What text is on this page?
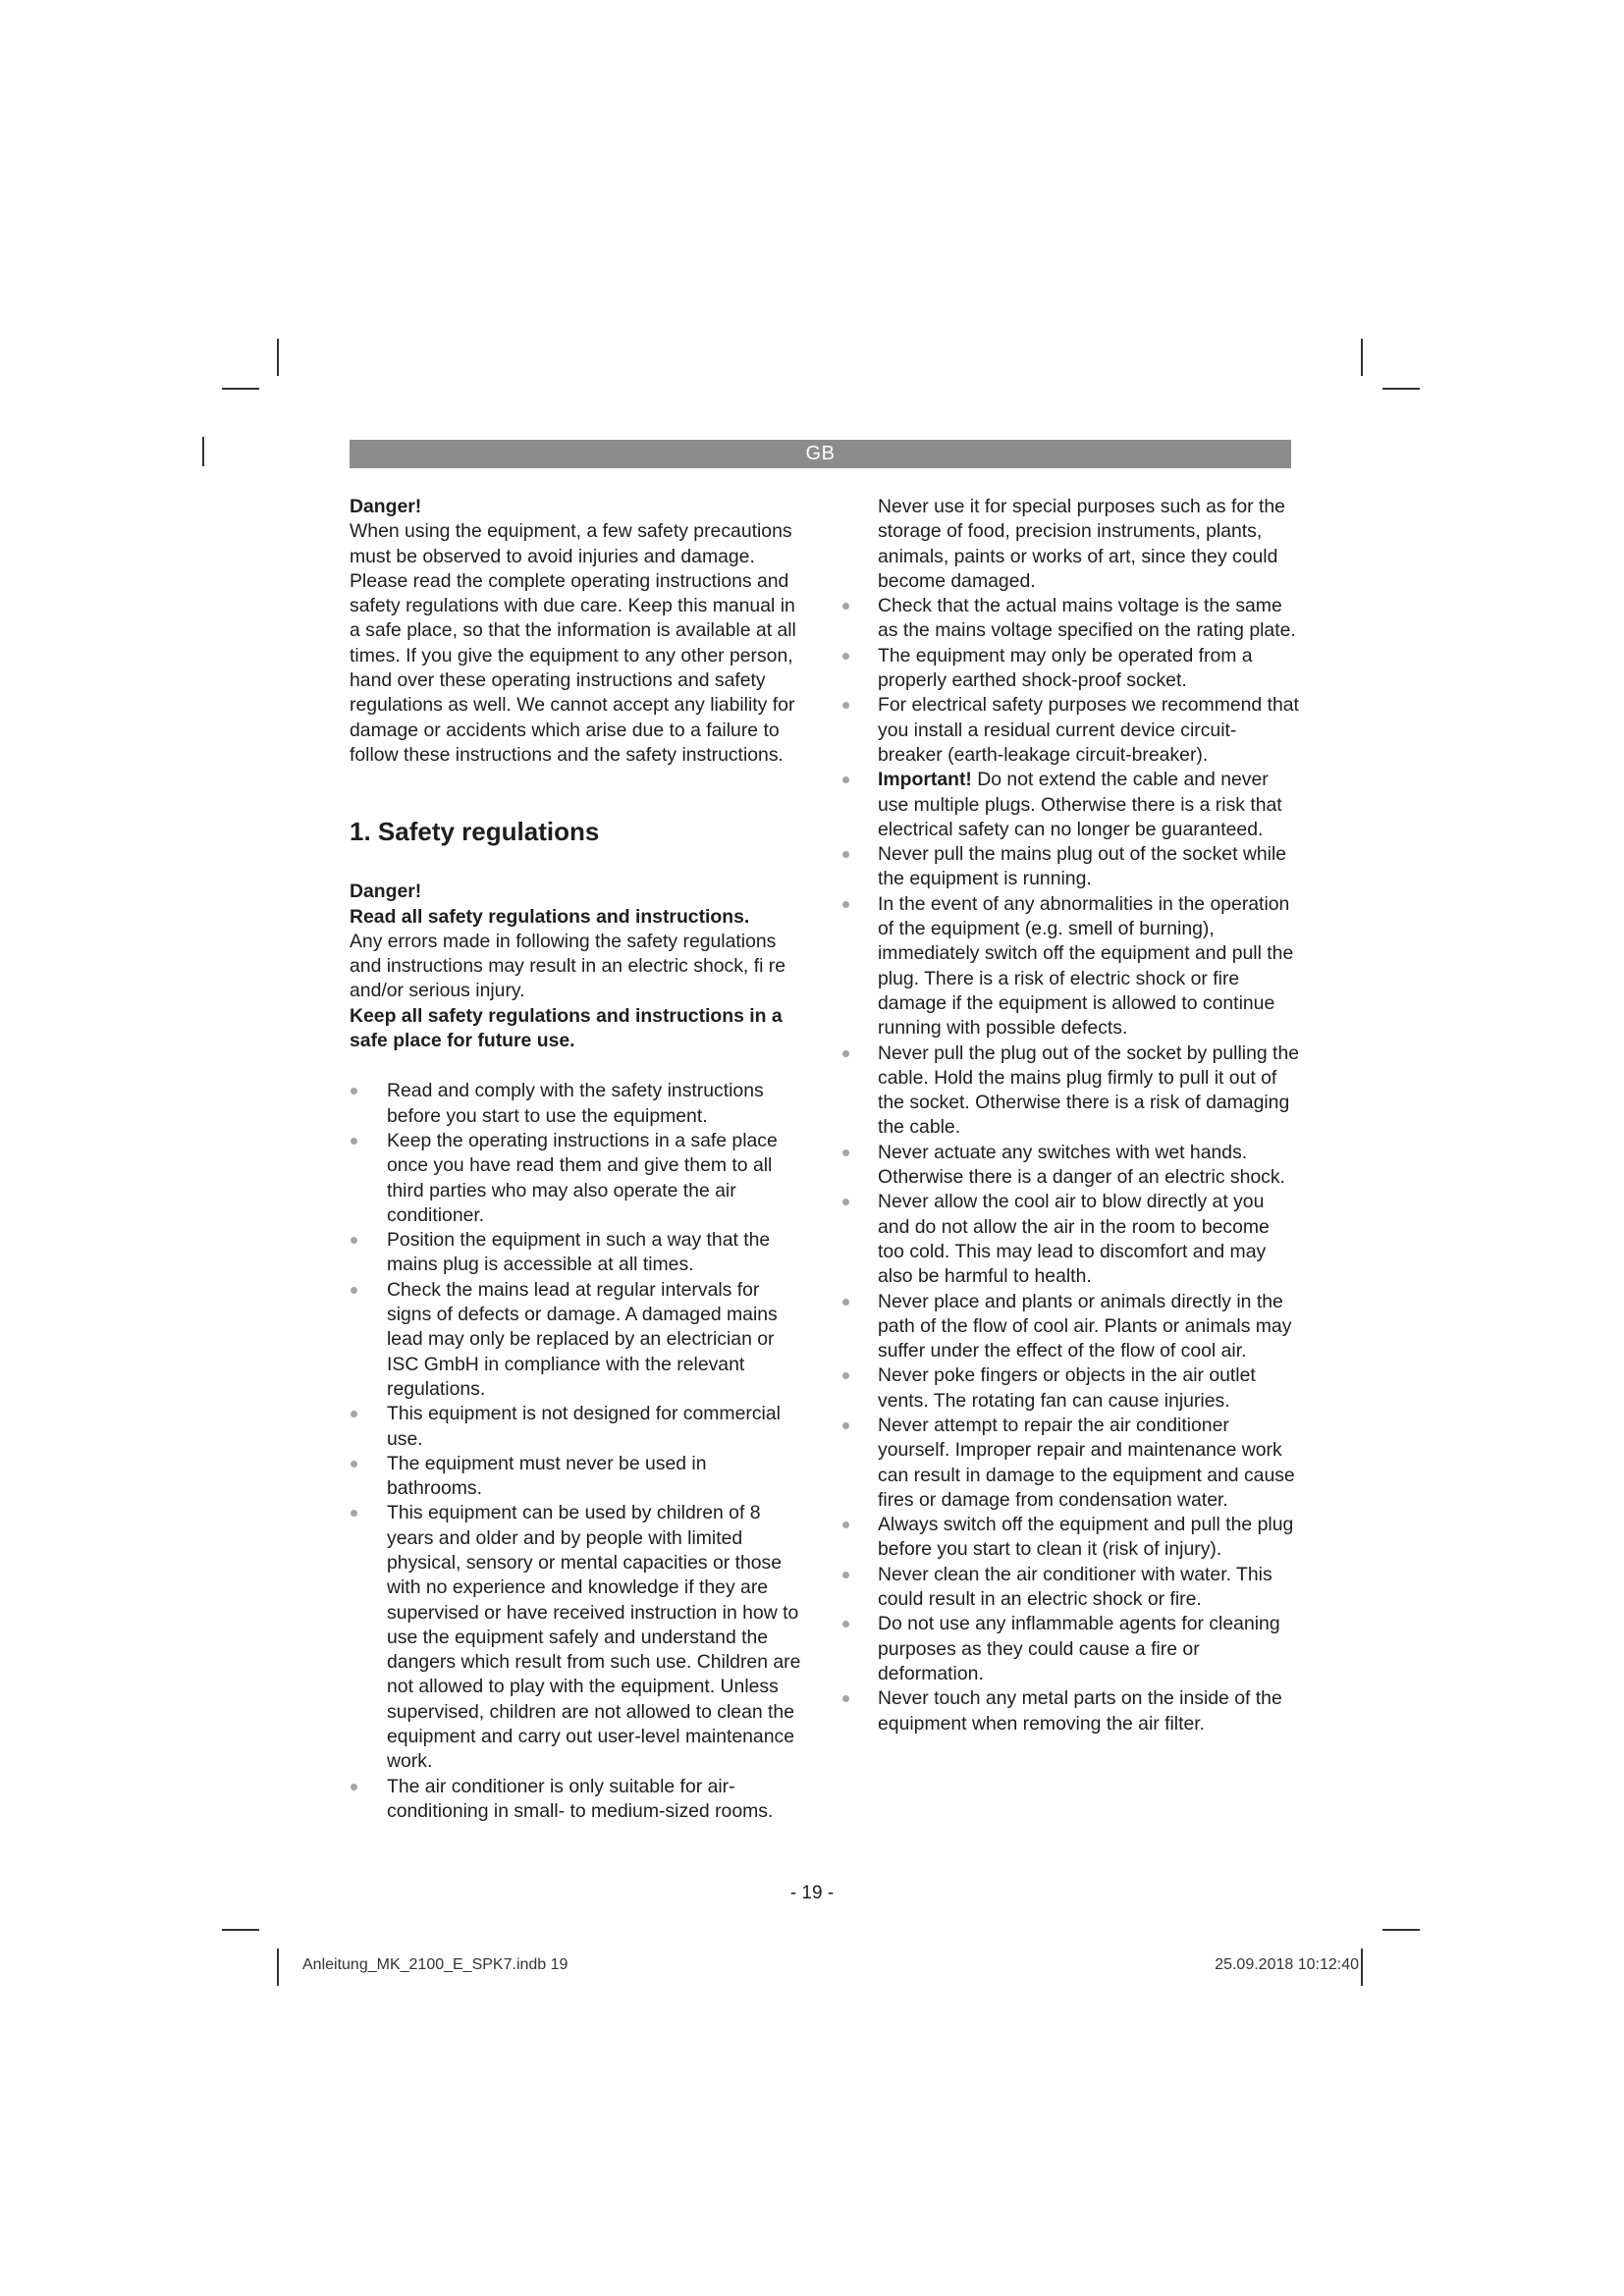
GB

Danger!

When using the equipment, a few safety precautions must be observed to avoid injuries and damage. Please read the complete operating instructions and safety regulations with due care. Keep this manual in a safe place, so that the information is available at all times. If you give the equipment to any other person, hand over these operating instructions and safety regulations as well. We cannot accept any liability for damage or accidents which arise due to a failure to follow these instructions and the safety instructions.

1. Safety regulations

Danger!

Read all safety regulations and instructions.

Any errors made in following the safety regulations and instructions may result in an electric shock, fi re and/or serious injury.

Keep all safety regulations and instructions in a safe place for future use.

Read and comply with the safety instructions before you start to use the equipment.
Keep the operating instructions in a safe place once you have read them and give them to all third parties who may also operate the air conditioner.
Position the equipment in such a way that the mains plug is accessible at all times.
Check the mains lead at regular intervals for signs of defects or damage. A damaged mains lead may only be replaced by an electrician or ISC GmbH in compliance with the relevant regulations.
This equipment is not designed for commercial use.
The equipment must never be used in bathrooms.
This equipment can be used by children of 8 years and older and by people with limited physical, sensory or mental capacities or those with no experience and knowledge if they are supervised or have received instruction in how to use the equipment safely and understand the dangers which result from such use. Children are not allowed to play with the equipment. Unless supervised, children are not allowed to clean the equipment and carry out user-level maintenance work.
The air conditioner is only suitable for air-conditioning in small- to medium-sized rooms.

Never use it for special purposes such as for the storage of food, precision instruments, plants, animals, paints or works of art, since they could become damaged.

Check that the actual mains voltage is the same as the mains voltage specified on the rating plate.
The equipment may only be operated from a properly earthed shock-proof socket.
For electrical safety purposes we recommend that you install a residual current device circuit-breaker (earth-leakage circuit-breaker).
Important! Do not extend the cable and never use multiple plugs. Otherwise there is a risk that electrical safety can no longer be guaranteed.
Never pull the mains plug out of the socket while the equipment is running.
In the event of any abnormalities in the operation of the equipment (e.g. smell of burning), immediately switch off the equipment and pull the plug. There is a risk of electric shock or fire damage if the equipment is allowed to continue running with possible defects.
Never pull the plug out of the socket by pulling the cable. Hold the mains plug firmly to pull it out of the socket. Otherwise there is a risk of damaging the cable.
Never actuate any switches with wet hands. Otherwise there is a danger of an electric shock.
Never allow the cool air to blow directly at you and do not allow the air in the room to become too cold. This may lead to discomfort and may also be harmful to health.
Never place and plants or animals directly in the path of the flow of cool air. Plants or animals may suffer under the effect of the flow of cool air.
Never poke fingers or objects in the air outlet vents. The rotating fan can cause injuries.
Never attempt to repair the air conditioner yourself. Improper repair and maintenance work can result in damage to the equipment and cause fires or damage from condensation water.
Always switch off the equipment and pull the plug before you start to clean it (risk of injury).
Never clean the air conditioner with water. This could result in an electric shock or fire.
Do not use any inflammable agents for cleaning purposes as they could cause a fire or deformation.
Never touch any metal parts on the inside of the equipment when removing the air filter.
- 19 -
Anleitung_MK_2100_E_SPK7.indb 19	25.09.2018 10:12:40
